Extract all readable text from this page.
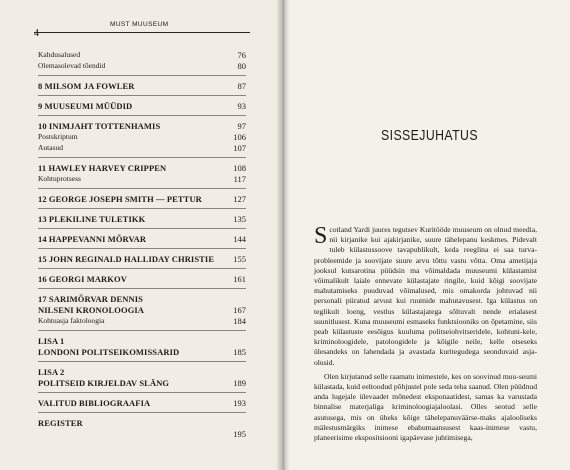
4
MUST MUUSEUM
Kahdusalused	76
Olemasolevad tõendid	80
8 MILSOM JA FOWLER	87
9 MUUSEUMI MÜÜDID	93
10 INIMJAHT TOTTENHAMIS	97
Postskriptum	106
Autasud	107
11 HAWLEY HARVEY CRIPPEN	108
Kohtuprotsess	117
12 GEORGE JOSEPH SMITH — PETTUR	127
13 PLEKILINE TULETIKK	135
14 HAPPEVANNI MÕRVAR	144
15 JOHN REGINALD HALLIDAY CHRISTIE 155
16 GEORGI MARKOV	161
17 SARIMÕRVAR DENNIS
NILSENI KRONOLOOGIA	167
Kohtuasja faktoloogia	184
LISA 1
LONDONI POLITSEIKOMISSARID	185
LISA 2
POLITSEID KIRJELDAV SLÄNG	189
VALITUD BIBLIOGRAAFIA	193
REGISTER
195
SISSEJUHATUS

Scotland Yardi juures tegutsev Kuritööde muuseum on olnud meedia, nii kirjanike kui ajakirjanike, suure tähelepanu keskmes. Pidevalt tuleb külastussoove tavapublikult, keda reeglina ei saa turva-probleemide ja soovijate suure arvu tõttu vastu võtta. Oma ametijaja jooksul kutsarotina püüdsin ma võimaldada muuseumi külastamist võimalikult laiale ennevate külastajate ringile, kuid kõigi soovijate mahutamiseks puuduvad võimalused, mis omakorda johtuvad nii personali piiratud arvust kui ruumide mahutavusest. Iga külastus on teglikult loeng, vestlus külastajatega sõltuvalt nende erialasest suunitlusest. Kuna muuseumi esmaseks funktsiooniks on õpetamine, siis peab külastuste eesõigus kuuluma politseiohvitseridele, kohtuni-kele, kriminoloogidele, patoloogidele ja kõigile neile, kelle otseseks ülesandeks on lahendada ja avastada kuritegudega seonduvaid asja-olusid.

Olen kirjutanud selle raamatu inimestele, kes on soovinud muu-seumi külastada, kuid eeltoodud põhjustel pole seda teha saanud. Olen püüdnud anda lugejale ülevaadet mõnedest eksponaatidest, samas ka varustada binnalise materjaliga kriminoloogiajaloolasi. Olles seotud selle asutusega, mis on üheks kõige tähelepanuväärse-maks ajalooliseks mälestusmärgiks inimese ebahumaansusest kaas-inimese vastu, planeerisime ekspositsiooni igapäevase juhtimisega,
